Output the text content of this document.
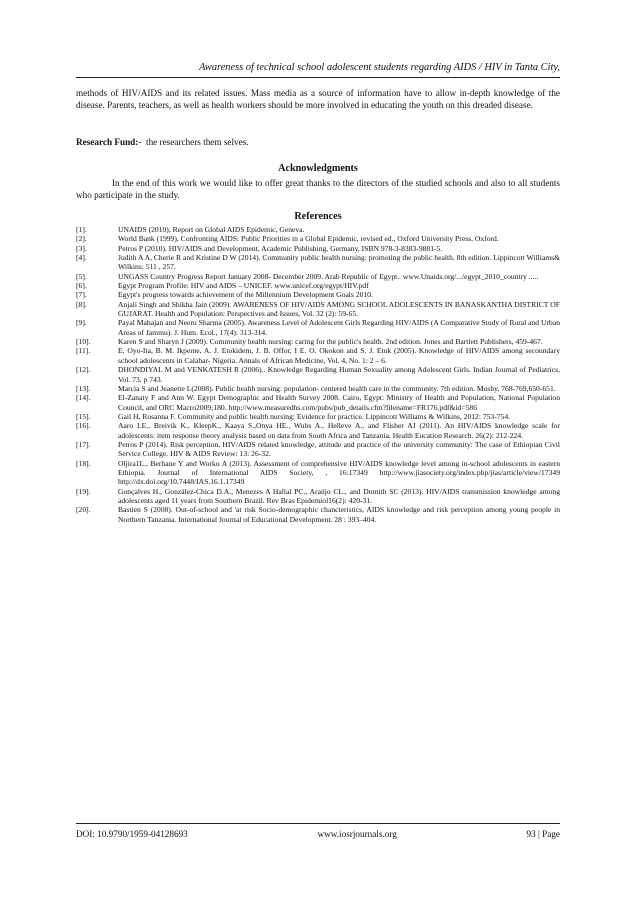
Awareness of technical school adolescent students regarding AIDS / HIV in Tanta City,
methods of HIV/AIDS and its related issues. Mass media as a source of information have to allow in-depth knowledge of the disease. Parents, teachers, as well as health workers should be more involved in educating the youth on this dreaded disease.
Research Fund:- the researchers them selves.
Acknowledgments
In the end of this work we would like to offer great thanks to the directors of the studied schools and also to all students who participate in the study.
References
[1].	UNAIDS (2010), Report on Global AIDS Epidemic, Geneva.
[2].	World Bank (1999), Confronting AIDS: Public Priorities in a Global Epidemic, revised ed., Oxford University Press, Oxford.
[3].	Petros P (2010). HIV/AIDS and Development, Academic Publishing, Germany, ISBN 978-3-8383-9881-5.
[4].	Judith A A, Cherie R and Kristine D W (2014). Community public health nursing: promoting the public health. 8th edition. Lippincott Williams& Wilkins; 511 , 257.
[5].	UNGASS Country Progress Report January 2008- December 2009. Arab Republic of Egypt.. www.Unaids.org/.../egypt_2010_country .....
[6].	Egypt Program Profile: HIV and AIDS – UNICEF. www.unicef.org/egypt/HIV.pdf
[7].	Egypt's progress towards achievement of the Millennium Development Goals 2010.
[8].	Anjali Singh and Shikha Jain (2009). AWARENESS OF HIV/AIDS AMONG SCHOOL ADOLESCENTS IN BANASKANTHA DISTRICT OF GUJARAT. Health and Population: Perspectives and Issues, Vol. 32 (2): 59-65.
[9].	Payal Mahajan and Neeru Sharma (2005). Awareness Level of Adolescent Girls Regarding HIV/AIDS (A Comparative Study of Rural and Urban Areas of Jammu). J. Hum. Ecol., 17(4): 313-314.
[10].	Karen S and Sharyn J (2009). Community health nursing: caring for the public's health. 2nd edition. Jones and Bartlett Publishers, 459-467.
[11].	E. Oyo-Ita, B. M. Ikpeme, A. J. Etokidem, J. B. Offor, I E. O. Okokon and S. J. Etuk (2005). Knowledge of HIV/AIDS among secoundary school adolescents in Calabar- Nigeria. Annals of African Medicine, Vol. 4, No. 1: 2 – 6.
[12].	DHONDIYAL M and VENKATESH R (2006).. Knowledge Regarding Human Sexuality among Adolescent Girls. Indian Journal of Pediatrics, Vol. 73, p 743.
[13].	Marcia S and Jeanette L(2008). Public health nursing: population- centered health care in the community. 7th edition. Mosby, 768-769,650-651.
[14].	El-Zanaty F and Ann W. Egypt Demographic and Health Survey 2008. Cairo, Egypt: Ministry of Health and Population, National Population Council, and ORC Macro2009;180. http://www.measuredhs.com/pubs/pub_details.cfm?filename=FR176.pdf&id=586
[15].	Gail H, Rosanna F. Community and public health nursing: Evidence for practice. Lippincott Williams & Wilkins, 2012: 753-754.
[16].	Aaro LE., Breivik K., KleepK., Kaaya S.,Onya HE., Wubs A., Helleve A., and Flisher AJ (2011). An HIV/AIDS knowledge scale for adolescents: item response theory analysis based on data from South Africa and Tanzania. Health Eucation Research. 26(2): 212-224.
[17].	Petros P (2014). Risk perception, HIV/AIDS related knowledge, attitude and practice of the university community: The case of Ethiopian Civil Service College. HIV & AIDS Review: 13: 26-32.
[18].	Oljira1L., Berhane Y and Worku A (2013). Assessment of comprehensive HIV/AIDS knowledge level among in-school adolescents in eastern Ethiopia. Journal of International AIDS Society, , 16:17349 http://www.jiasociety.org/index.php/jias/article/view/17349 http://dx.doi.org/10.7448/IAS.16.1.17349
[19].	Gonçalves H., González-Chica D.A., Menezes A Hallal PC., Araújo CL., and Dumith SC (2013). HIV/AIDS transmission knowledge among adolescents aged 11 years from Southern Brazil. Rev Bras Epidemiol16(2): 420-31.
[20].	Bastien S (2008). Out-of-school and 'at risk Socio-demographic chancteristics, AIDS knowledge and risk perception among young people in Northern Tanzania. International Journal of Educational Development. 28 : 393–404.
DOI: 10.9790/1959-04128693	www.iosrjournals.org	93 | Page
